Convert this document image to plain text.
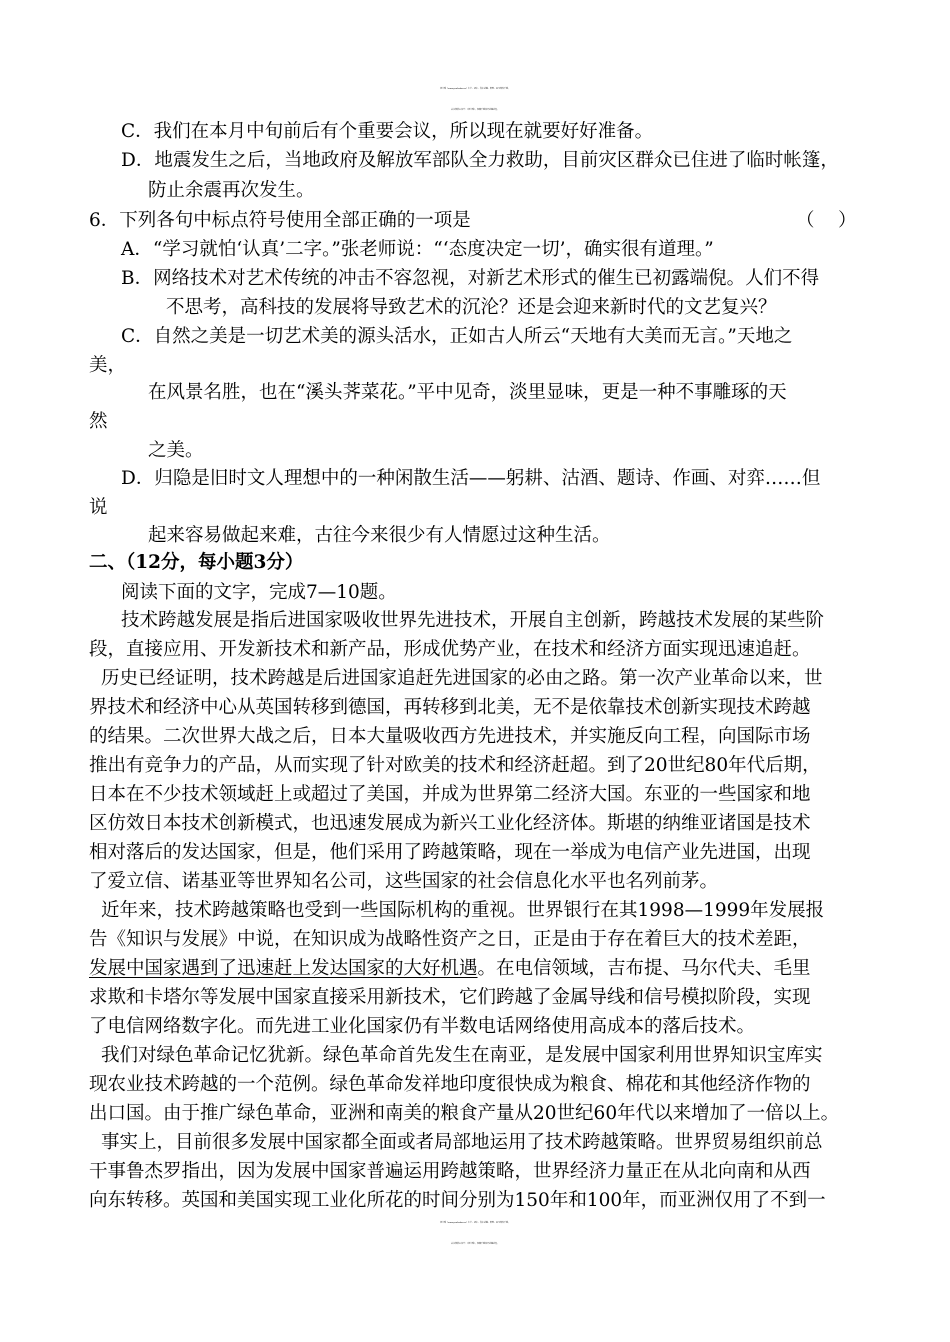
优分库（www.youfenku.cn）小学、初中、高中试题、案例、PPT课件下载。
关注微信公众号：（优分库），免费下载各类试题试卷。
C．我们在本月中旬前后有个重要会议，所以现在就要好好准备。
D．地震发生之后，当地政府及解放军部队全力救助，目前灾区群众已住进了临时帐篷，
防止余震再次发生。
6．下列各句中标点符号使用全部正确的一项是	（    ）
A．“学习就怕‘认真’二字。”张老师说：“‘态度决定一切’，确实很有道理。”
B．网络技术对艺术传统的冲击不容忽视，对新艺术形式的催生已初露端倪。人们不得
不思考，高科技的发展将导致艺术的沉沦？还是会迎来新时代的文艺复兴？
C．自然之美是一切艺术美的源头活水，正如古人所云“天地有大美而无言。”天地之
美，
在风景名胜，也在“溪头荠菜花。”平中见奇，淡里显味，更是一种不事雕琢的天
然
之美。
D．归隐是旧时文人理想中的一种闲散生活——躬耕、沽酒、题诗、作画、对弈……但
说
起来容易做起来难，古往今来很少有人情愿过这种生活。
二、（12分，每小题3分）
阅读下面的文字，完成7—10题。
技术跨越发展是指后进国家吸收世界先进技术，开展自主创新，跨越技术发展的某些阶
段，直接应用、开发新技术和新产品，形成优势产业，在技术和经济方面实现迅速追赶。
历史已经证明，技术跨越是后进国家追赶先进国家的必由之路。第一次产业革命以来，世
界技术和经济中心从英国转移到德国，再转移到北美，无不是依靠技术创新实现技术跨越
的结果。二次世界大战之后，日本大量吸收西方先进技术，并实施反向工程，向国际市场
推出有竞争力的产品，从而实现了针对欧美的技术和经济赶超。到了20世纪80年代后期，
日本在不少技术领域赶上或超过了美国，并成为世界第二经济大国。东亚的一些国家和地
区仿效日本技术创新模式，也迅速发展成为新兴工业化经济体。斯堪的纳维亚诸国是技术
相对落后的发达国家，但是，他们采用了跨越策略，现在一举成为电信产业先进国，出现
了爱立信、诺基亚等世界知名公司，这些国家的社会信息化水平也名列前茅。
近年来，技术跨越策略也受到一些国际机构的重视。世界银行在其1998—1999年发展报
告《知识与发展》中说，在知识成为战略性资产之日，正是由于存在着巨大的技术差距，
发展中国家遇到了迅速赶上发达国家的大好机遇。在电信领域，吉布提、马尔代夫、毛里
求欺和卡塔尔等发展中国家直接采用新技术，它们跨越了金属导线和信号模拟阶段，实现
了电信网络数字化。而先进工业化国家仍有半数电话网络使用高成本的落后技术。
我们对绿色革命记忆犹新。绿色革命首先发生在南亚，是发展中国家利用世界知识宝库实
现农业技术跨越的一个范例。绿色革命发祥地印度很快成为粮食、棉花和其他经济作物的
出口国。由于推广绿色革命，亚洲和南美的粮食产量从20世纪60年代以来增加了一倍以上。
事实上，目前很多发展中国家都全面或者局部地运用了技术跨越策略。世界贸易组织前总
干事鲁杰罗指出，因为发展中国家普遍运用跨越策略，世界经济力量正在从北向南和从西
向东转移。英国和美国实现工业化所花的时间分别为150年和100年，而亚洲仅用了不到一
优分库（www.youfenku.cn）小学、初中、高中试题、案例、PPT课件下载。
关注微信公众号：（优分库），免费下载各类试题试卷。
